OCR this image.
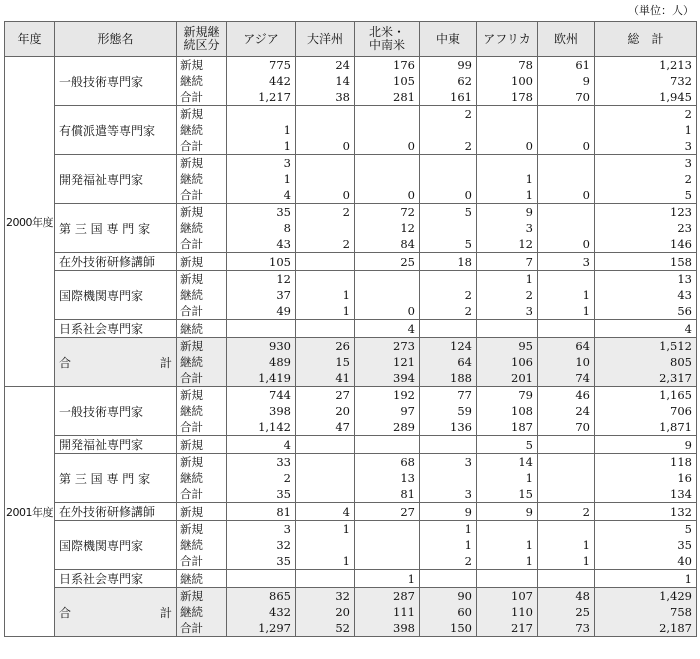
（単位：人）
年度	形態名	新規継
続区分	アジア	大洋州	北米・
中南米	中東	アフリカ	欧州	総　計
2000年度	一般技術専門家	新規	775	24	176	99	78	61	1,213
		継続	442	14	105	62	100	9	732
		合計	1,217	38	281	161	178	70	1,945
	有償派遣等専門家	新規				2			2
		継続	1						1
		合計	1	0	0	2	0	0	3
	開発福祉専門家	新規	3						3
		継続	1				1		2
		合計	4	0	0	0	1	0	5
	第 三 国 専 門 家	新規	35	2	72	5	9		123
		継続	8		12		3		23
		合計	43	2	84	5	12	0	146
	在外技術研修講師	新規	105		25	18	7	3	158
	国際機関専門家	新規	12				1		13
		継続	37	1		2	2	1	43
		合計	49	1	0	2	3	1	56
	日系社会専門家	継続			4				4

	合 計	新規	930	26	273	124	95	64	1,512
		継続	489	15	121	64	106	10	805
		合計	1,419	41	394	188	201	74	2,317
2001年度	一般技術専門家	新規	744	27	192	77	79	46	1,165
		継続	398	20	97	59	108	24	706
		合計	1,142	47	289	136	187	70	1,871
	開発福祉専門家	新規	4				5		9
	第 三 国 専 門 家	新規	33		68	3	14		118
		継続	2		13		1		16
		合計	35		81	3	15		134
	在外技術研修講師	新規	81	4	27	9	9	2	132
	国際機関専門家	新規	3	1		1			5
		継続	32			1	1	1	35
		合計	35	1		2	1	1	40
	日系社会専門家	継続			1				1

	合 計	新規	865	32	287	90	107	48	1,429
		継続	432	20	111	60	110	25	758
		合計	1,297	52	398	150	217	73	2,187
